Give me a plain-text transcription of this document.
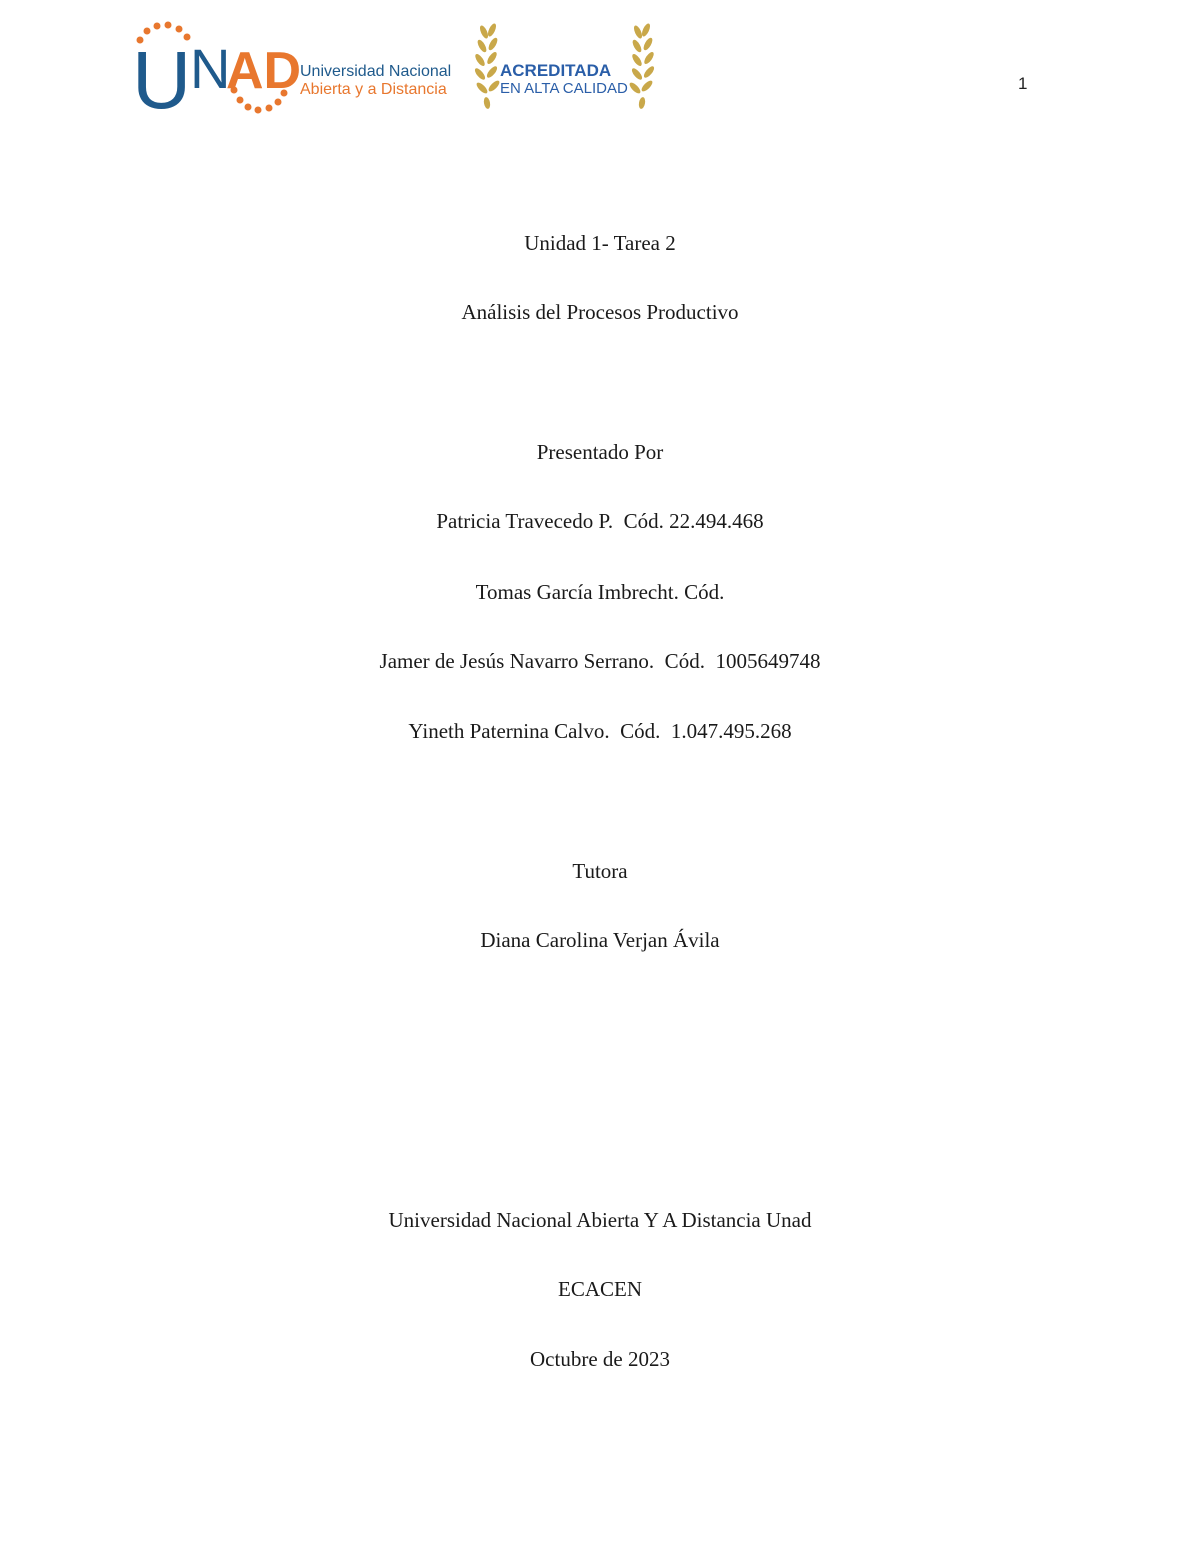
U
N
AD
Universidad Nacional
Abierta y a Distancia
ACREDITADA
EN ALTA CALIDAD	1
Unidad 1- Tarea 2
Análisis del Procesos Productivo
Presentado Por
Patricia Travecedo P.  Cód. 22.494.468
Tomas García Imbrecht. Cód.
Jamer de Jesús Navarro Serrano.  Cód.  1005649748
Yineth Paternina Calvo.  Cód.  1.047.495.268
Tutora
Diana Carolina Verjan Ávila
Universidad Nacional Abierta Y A Distancia Unad
ECACEN
Octubre de 2023
